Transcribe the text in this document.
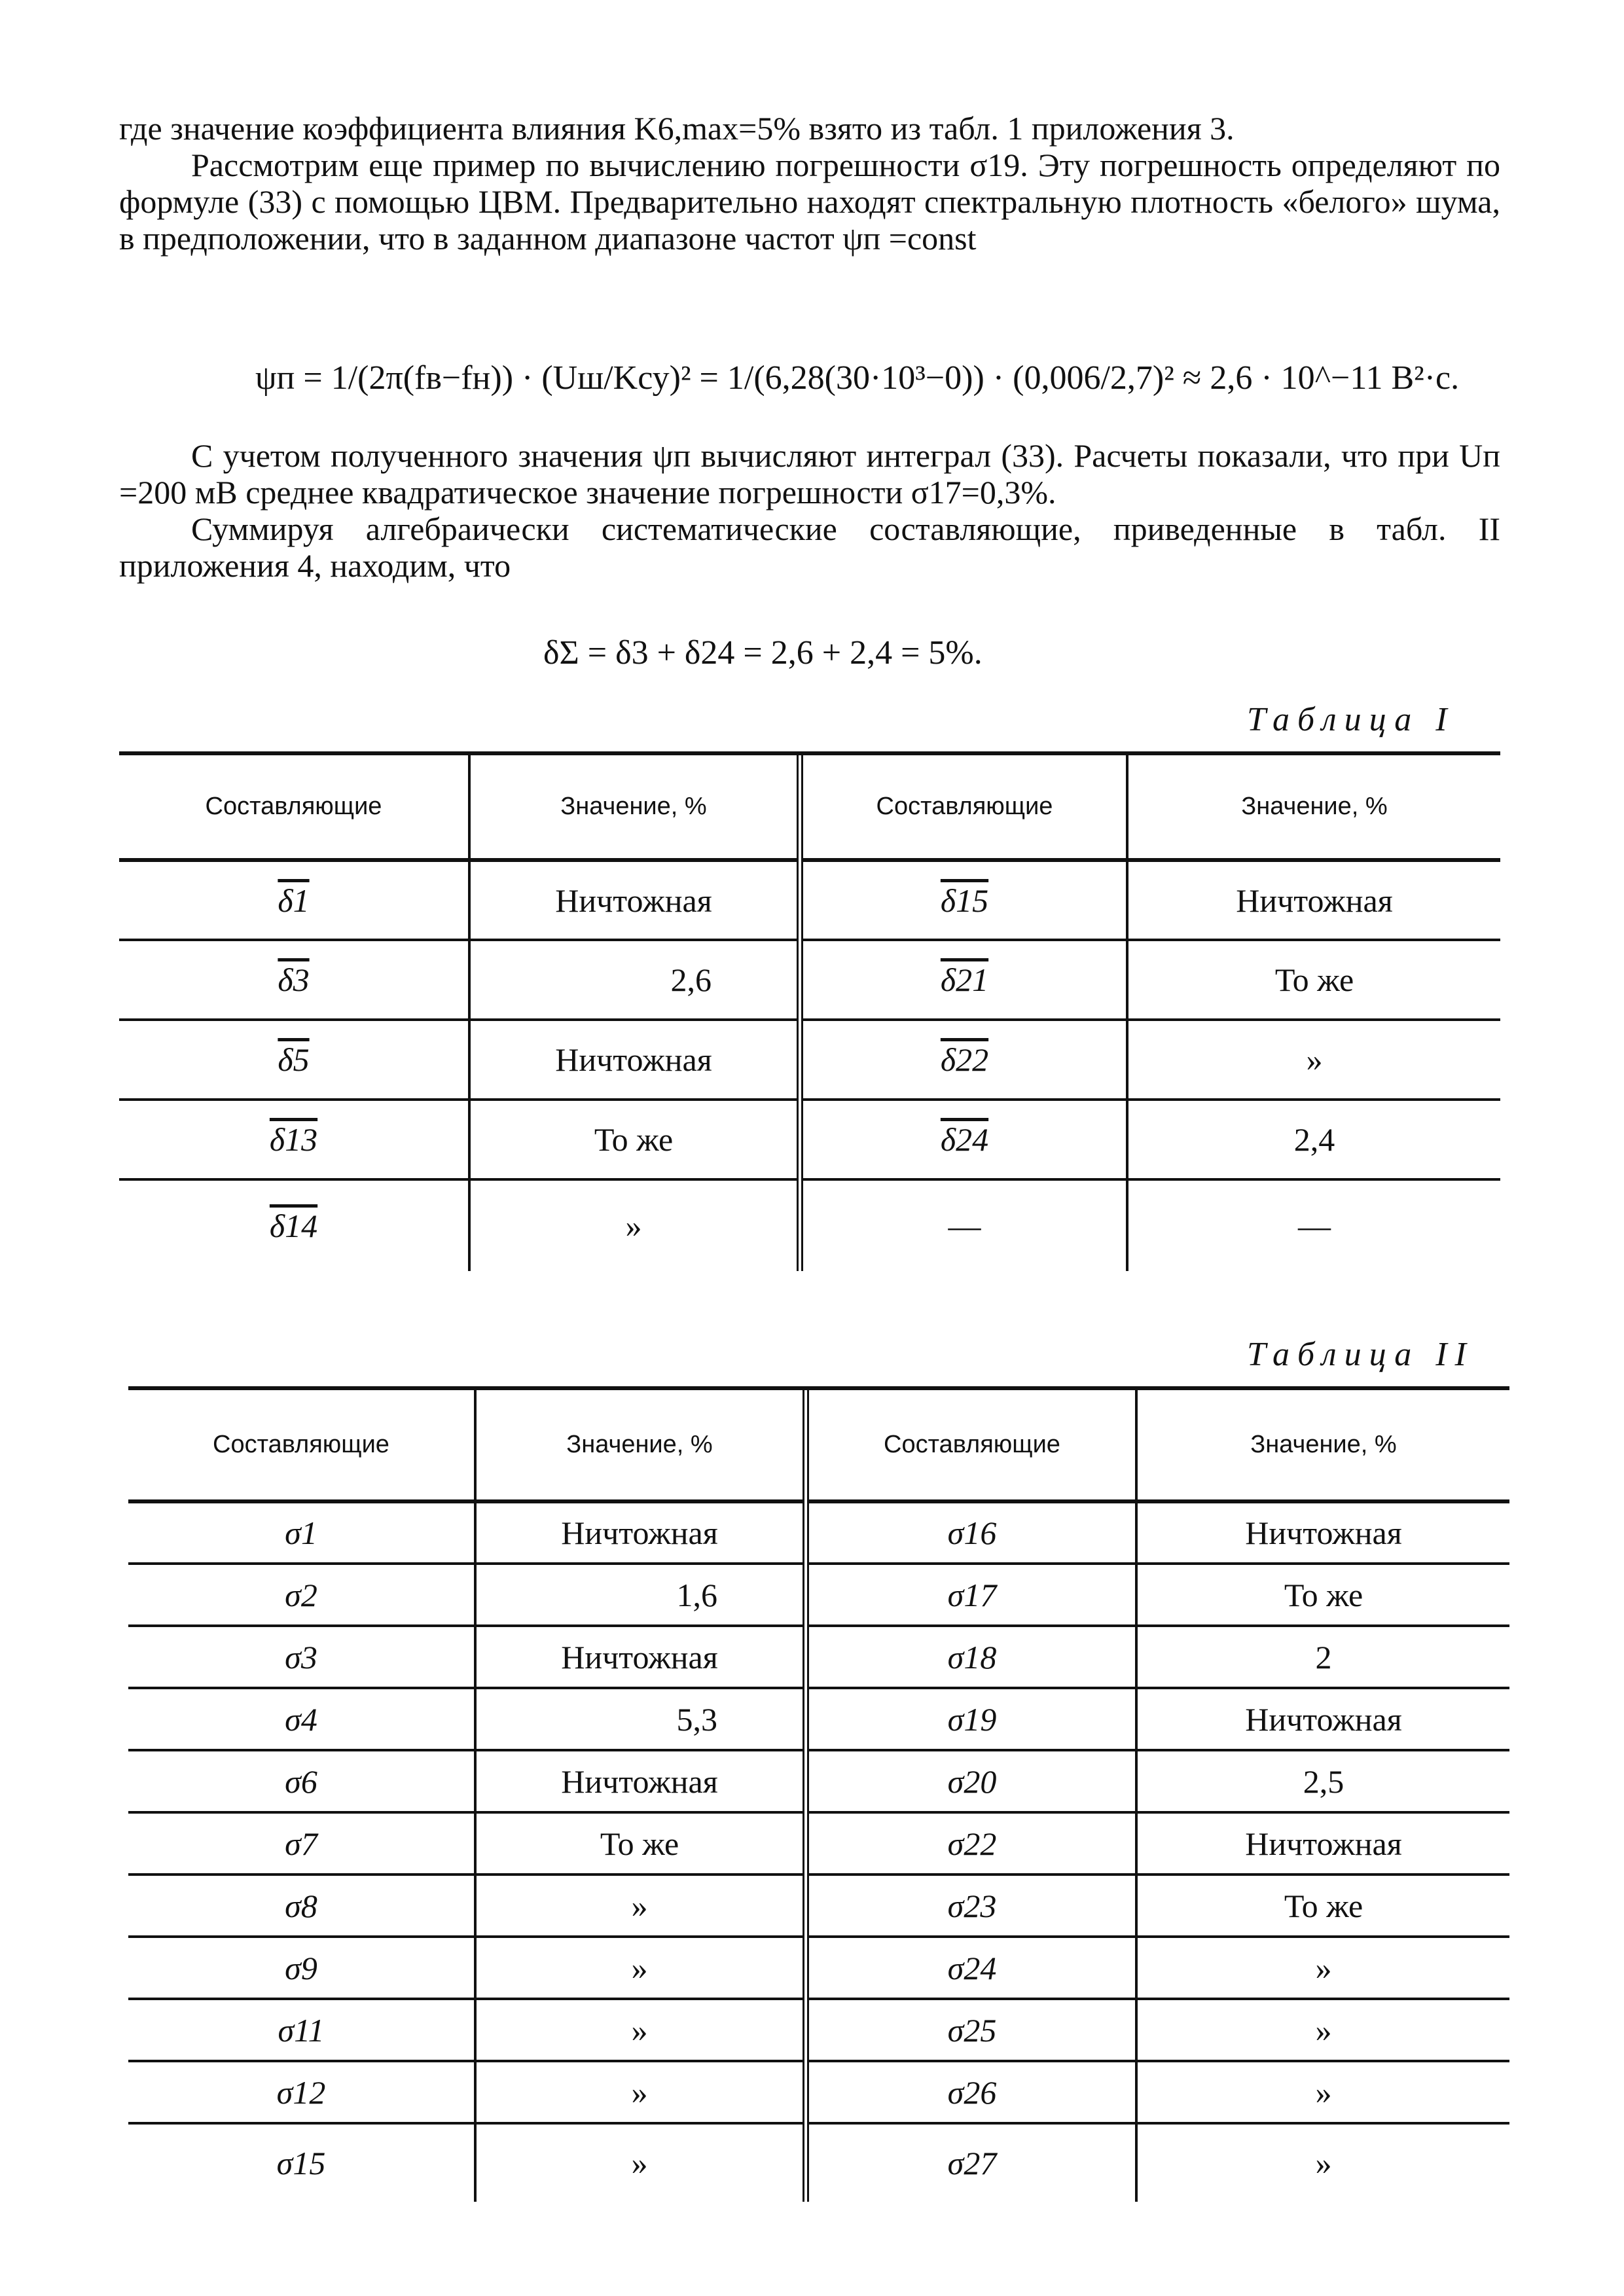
где значение коэффициента влияния K6,max=5% взято из табл. 1 приложения 3.

Рассмотрим еще пример по вычислению погрешности σ19. Эту погрешность определяют по формуле (33) с помощью ЦВМ. Предварительно находят спектральную плотность «белого» шума, в предположении, что в заданном диапазоне частот ψп =const

ψп = 1/(2π(fв−fн)) · (Uш/Kсу)² = 1/(6,28(30·10³−0)) · (0,006/2,7)² ≈ 2,6 · 10^−11 В²·с.

С учетом полученного значения ψп вычисляют интеграл (33). Расчеты показали, что при Uп =200 мВ среднее квадратическое значение погрешности σ17=0,3%.

Суммируя алгебраически систематические составляющие, приведенные в табл. II приложения 4, находим, что

δΣ = δ3 + δ24 = 2,6 + 2,4 = 5%.
Таблица I
Составляющие	Значение, %	Составляющие	Значение, %
δ1	Ничтожная	δ15	Ничтожная
δ3	2,6	δ21	То же
δ5	Ничтожная	δ22	»
δ13	То же	δ24	2,4
δ14	»	—	—
Таблица II
Составляющие	Значение, %	Составляющие	Значение, %
σ1	Ничтожная	σ16	Ничтожная
σ2	1,6	σ17	То же
σ3	Ничтожная	σ18	2
σ4	5,3	σ19	Ничтожная
σ6	Ничтожная	σ20	2,5
σ7	То же	σ22	Ничтожная
σ8	»	σ23	То же
σ9	»	σ24	»
σ11	»	σ25	»
σ12	»	σ26	»
σ15	»	σ27	»
